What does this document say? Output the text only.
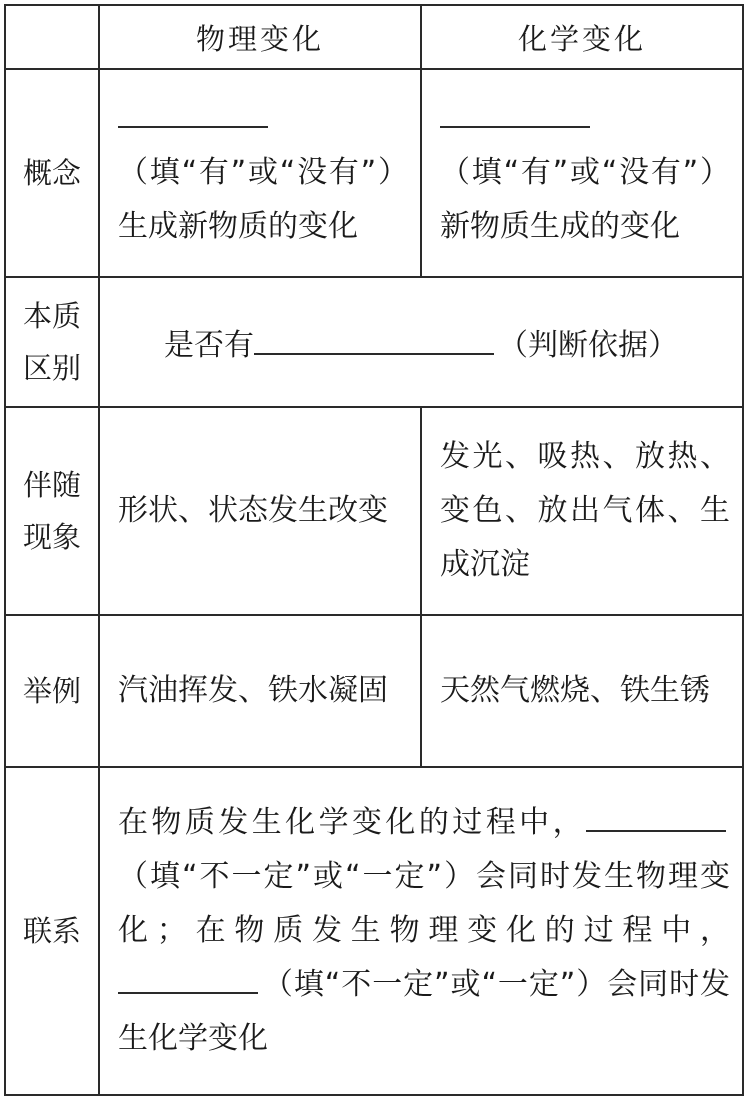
	物理变化	化学变化
概念	（填“有”或“没有”）生成新物质的变化	（填“有”或“没有”）新物质生成的变化

本质
区别	是否有 （判断依据）	

伴随
现象	形状、状态发生改变	发光、吸热、放热、变色、放出气体、生成沉淀
举例	汽油挥发、铁水凝固	天然气燃烧、铁生锈
联系	在物质发生化学变化的过程中，（填“不一定”或“一定”）会同时发生物理变化；在物质发生物理变化的过程中，（填“不一定”或“一定”）会同时发生化学变化	
